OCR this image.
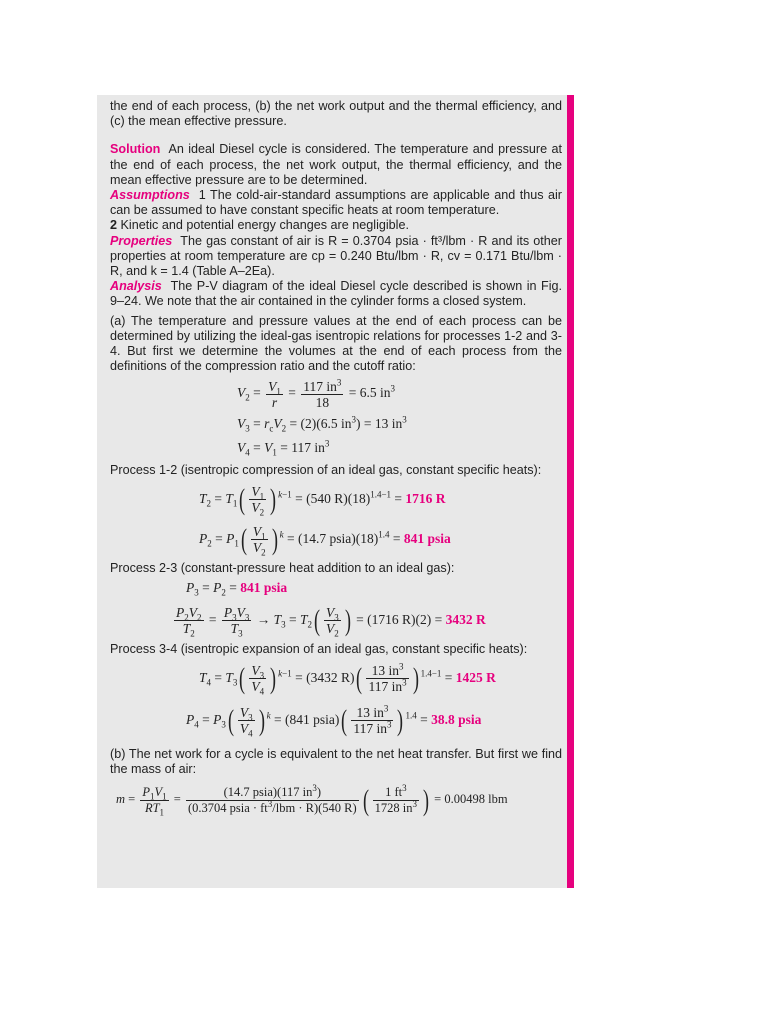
the end of each process, (b) the net work output and the thermal efficiency, and (c) the mean effective pressure.

Solution An ideal Diesel cycle is considered. The temperature and pressure at the end of each process, the net work output, the thermal efficiency, and the mean effective pressure are to be determined.

Assumptions 1 The cold-air-standard assumptions are applicable and thus air can be assumed to have constant specific heats at room temperature.
2 Kinetic and potential energy changes are negligible.

Properties The gas constant of air is R = 0.3704 psia · ft³/lbm · R and its other properties at room temperature are cp = 0.240 Btu/lbm · R, cv = 0.171 Btu/lbm · R, and k = 1.4 (Table A–2Ea).

Analysis The P-V diagram of the ideal Diesel cycle described is shown in Fig. 9–24. We note that the air contained in the cylinder forms a closed system.

(a) The temperature and pressure values at the end of each process can be determined by utilizing the ideal-gas isentropic relations for processes 1-2 and 3-4. But first we determine the volumes at the end of each process from the definitions of the compression ratio and the cutoff ratio:

$V_2 = \frac{V_1}{r} = \frac{117 in^3}{18} = 6.5$ $in^3$
$V_3 = r_cV_2 = (2)(6.5$ $in^3) = 13$ $in^3$
$V_4 = V_1 = 117$ $in^3$

Process 1-2 (isentropic compression of an ideal gas, constant specific heats):

$T_2 = T_1( \frac{V_1}{V_2}$ ) $^{k-1}$ = (540 $R)(18)^{1.4-1} = 1716$ R
$P_2 = P_1( \frac{V_1}{V_2}$ ) $^k$ = (14.7 $psia)(18)^{1.4} = 841$ psia

Process 2-3 (constant-pressure heat addition to an ideal gas):

$P_3 = P_2 = 841$ psia
$\frac{P_2V_2}{T_2} = \frac{P_3V_3}{T_3} \to T_3 = T_2( \frac{V_3}{V_2}$ ) = (1716 R)(2) = 3432 R

Process 3-4 (isentropic expansion of an ideal gas, constant specific heats):

$T_4 = T_3( \frac{V_3}{V_4}$ ) $^{k-1}$ = (3432 $R)( \frac{13 in^3}{117 in^3}$ ) $^{1.4-1}$ = 1425 R
$P_4 = P_3( \frac{V_3}{V_4}$ ) $^k$ = (841 psia)( $\frac{13 in^3}{117 in^3}$ ) $^{1.4}$ = 38.8 psia

(b) The net work for a cycle is equivalent to the net heat transfer. But first we find the mass of air:

$m = \frac{P_1V_1}{RT_1} = \frac{(14.7 psia)(117 in^3)}{(0.3704 psia \cdot ft^3/lbm \cdot R)(540 R)}$ ( $\frac{1 ft^3}{1728 in^3}$ ) = 0.00498 lbm
